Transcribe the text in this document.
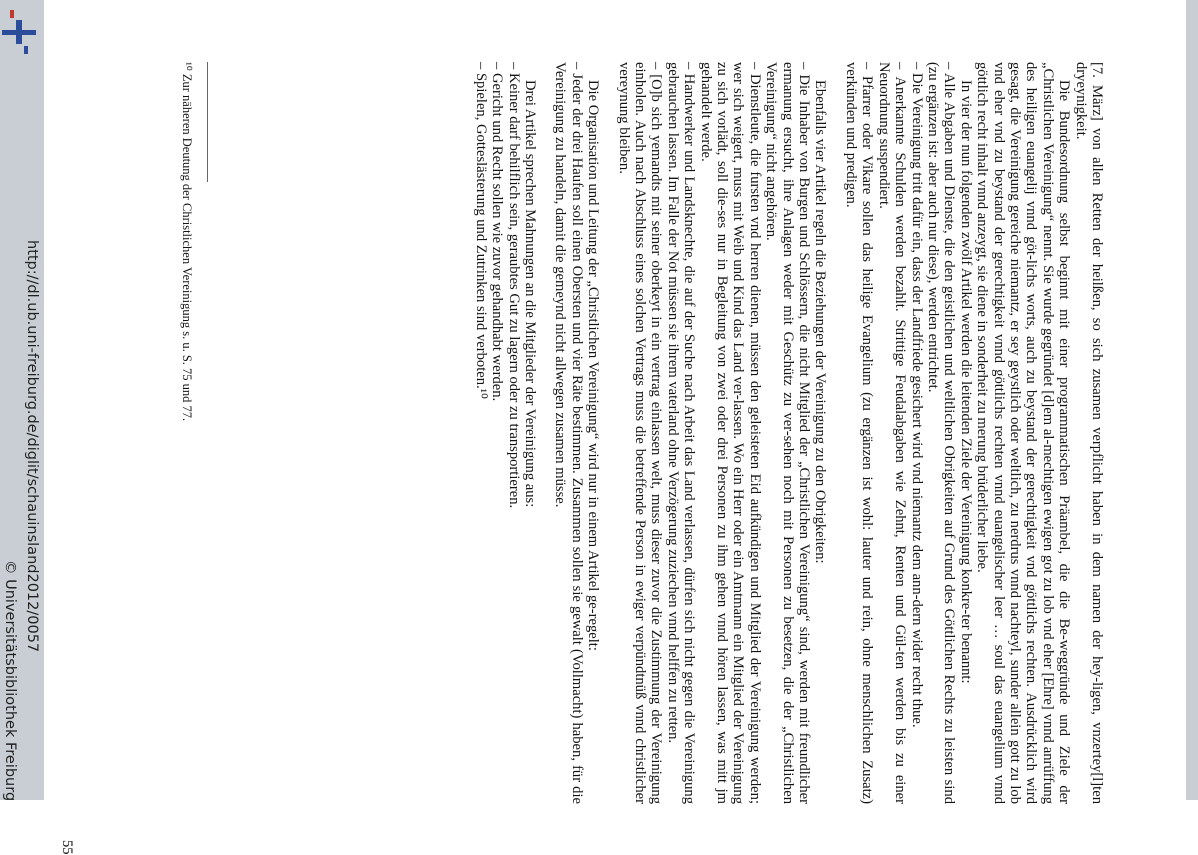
[7. März] von allen Retten der heilßen, so sich zusamen verpflicht haben in dem namen der hey-ligen, vnzertey[l]ten dryeynigkeit.

Die Bundesordnung selbst beginnt mit einer programmatischen Präambel, die die Be-weggründe und Ziele der „Christlichen Vereinigung“ nennt. Sie wurde gegründet [d]em al-mechtigen ewigen got zu lob vnd eher [Ehre] vnnd anrüffung des heiligen euangelij vnnd göt-lichs worts, auch zu beystand der gerechtigkeit vnd göttlichs rechten. Ausdrücklich wird gesagt, die Vereinigung gereiche niemantz, er sey geystlich oder weltlich, zu nerdrus vnnd nachteyl, sunder allein gott zu lob vnd eher vnd zu beystand der gerechtigkeit vnnd göttlichs rechten vnnd euangelischer leer … soul das euangelium vnnd göttlich recht inhalt vnnd anzeygt, sie diene in sonderheit zu merung brüderlicher liebe.

In vier der nun folgenden zwölf Artikel werden die leitenden Ziele der Vereinigung konkre-ter benannt:

– Alle Abgaben und Dienste, die den geistlichen und weltlichen Obrigkeiten auf Grund des Göttlichen Rechts zu leisten sind (zu ergänzen ist: aber auch nur diese), werden entrichtet.

– Die Vereinigung tritt dafür ein, dass der Landfriede gesichert wird vnd niemantz dem ann-dern wider recht thue.

– Anerkannte Schulden werden bezahlt. Strittige Feudalabgaben wie Zehnt, Renten und Gül-ten werden bis zu einer Neuordnung suspendiert.

– Pfarrer oder Vikare sollen das heilige Evangelium (zu ergänzen ist wohl: lauter und rein, ohne menschlichen Zusatz) verkünden und predigen.

Ebenfalls vier Artikel regeln die Beziehungen der Vereinigung zu den Obrigkeiten:

– Die Inhaber von Burgen und Schlössern, die nicht Mitglied der „Christlichen Vereinigung“ sind, werden mit freundlicher ermanung ersucht, ihre Anlagen weder mit Geschütz zu ver-sehen noch mit Personen zu besetzen, die der „Christlichen Vereinigung“ nicht angehören.

– Dienstleute, die fursten vnd herren dienen, müssen den geleisteten Eid aufkündigen und Mitglied der Vereinigung werden; wer sich weigert, muss mit Weib und Kind das Land ver-lassen. Wo ein Herr oder ein Amtmann ein Mitglied der Vereinigung zu sich vorlädt, soll die-ses nur in Begleitung von zwei oder drei Personen zu ihm gehen vnnd hören lassen, was mitt jm gehandelt werde.

– Handwerker und Landsknechte, die auf der Suche nach Arbeit das Land verlassen, dürfen sich nicht gegen die Vereinigung gebrauchen lassen. Im Falle der Not müssen sie ihrem vaterland ohne Verzögerung zuziechen vnnd helffen zu retten.

– [O]b sich yemandts mit seiner oberkeyt in ein vertrag einlassen welt, muss dieser zuvor die Zustimmung der Vereinigung einholen. Auch nach Abschluss eines solchen Vertrags muss die betreffende Person in ewiger verpündtnüß vnnd christlicher vereynung bleiben.

Die Organisation und Leitung der „Christlichen Vereinigung“ wird nur in einem Artikel ge-regelt:

– Jeder der drei Haufen soll einen Obersten und vier Räte bestimmen. Zusammen sollen sie gewalt (Vollmacht) haben, für die Vereinigung zu handeln, damit die gemeynd nicht allwegen zusamen müsse.

Drei Artikel sprechen Mahnungen an die Mitglieder der Vereinigung aus:

– Keiner darf behilflich sein, geraubtes Gut zu lagern oder zu transportieren.

– Gericht und Recht sollen wie zuvor gehandhabt werden.

– Spielen, Gotteslästerung und Zutrinken sind verboten.¹⁰

¹⁰ Zur näheren Deutung der Christlichen Vereinigung s. u. S. 75 und 77.
55
http://dl.ub.uni-freiburg.de/diglit/schauinsland2012/0057
© Universitätsbibliothek Freiburg
